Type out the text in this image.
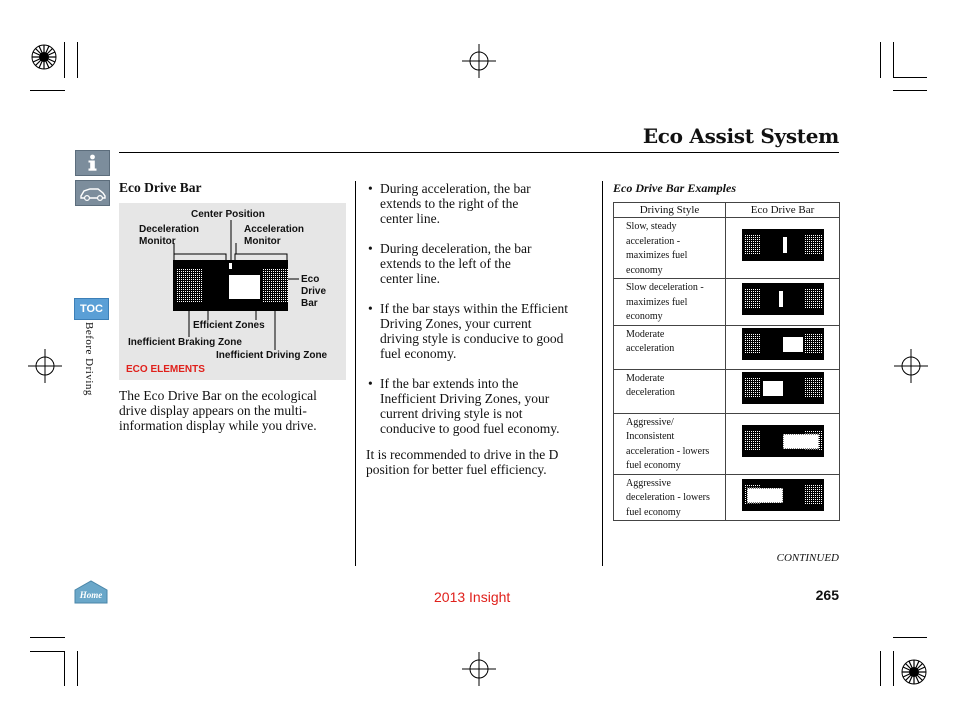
Eco Assist System
TOC
Before Driving
Home
Eco Drive Bar
Center Position
Deceleration
Monitor
Acceleration
Monitor
Eco
Drive
Bar
Efficient Zones
Inefficient Braking Zone
Inefficient Driving Zone
ECO ELEMENTS
The Eco Drive Bar on the ecological
drive display appears on the multi-
information display while you drive.
• During acceleration, the bar
extends to the right of the
center line.
• During deceleration, the bar
extends to the left of the
center line.
• If the bar stays within the Efficient
Driving Zones, your current
driving style is conducive to good
fuel economy.
• If the bar extends into the
Inefficient Driving Zones, your
current driving style is not
conducive to good fuel economy.
It is recommended to drive in the D
position for better fuel efficiency.
Eco Drive Bar Examples
Driving Style	Eco Drive Bar

Slow, steady
acceleration -
maximizes fuel
economy

Slow deceleration -
maximizes fuel
economy

Moderate
acceleration

Moderate
deceleration

Aggressive/
Inconsistent
acceleration - lowers
fuel economy

Aggressive
deceleration - lowers
fuel economy

CONTINUED
2013 Insight	265
